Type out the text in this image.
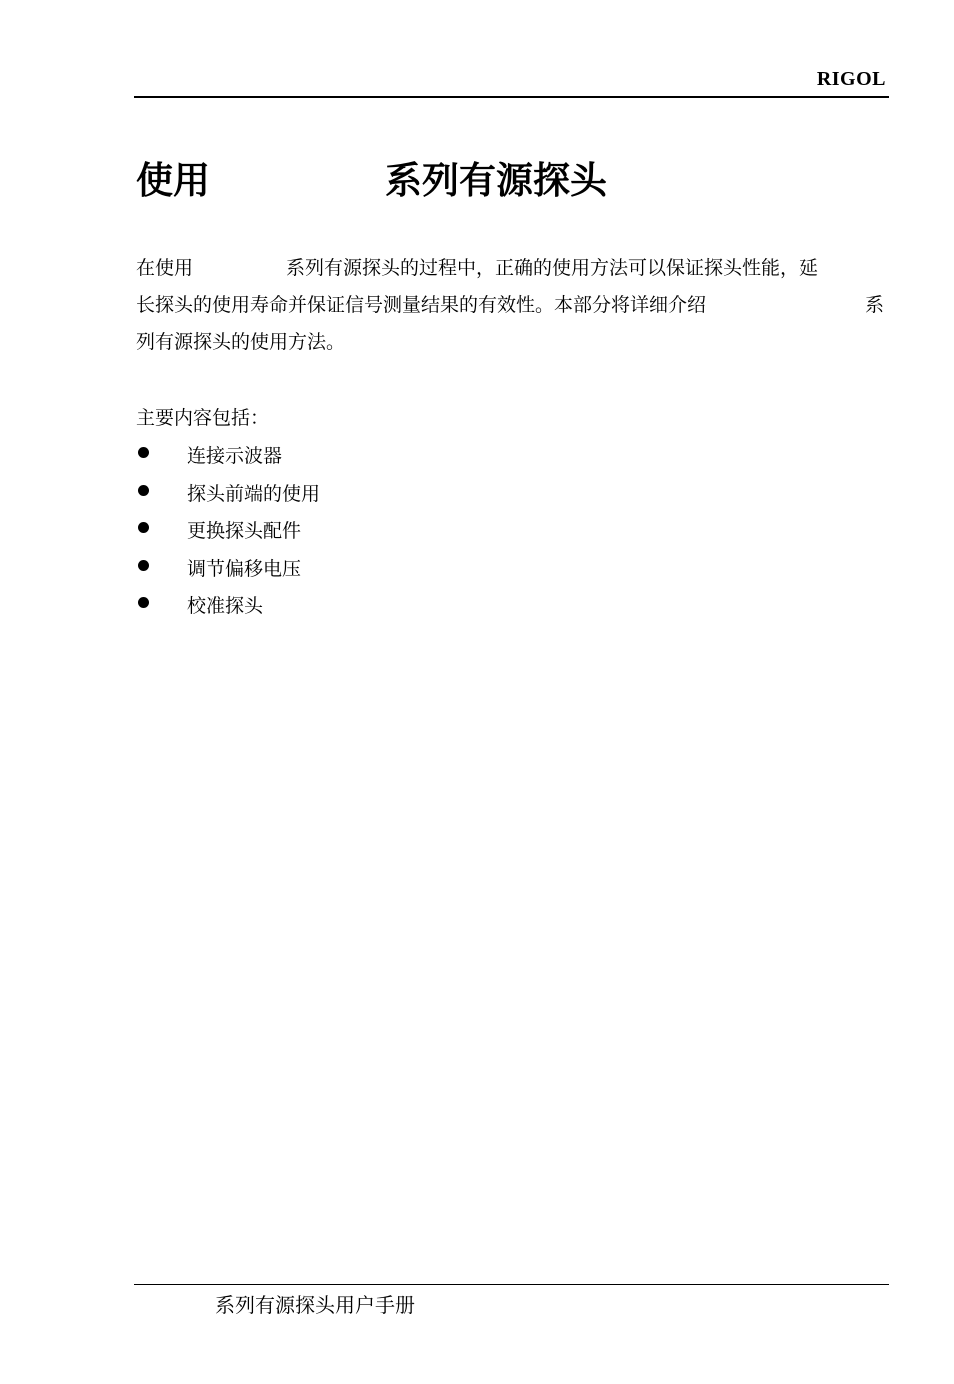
RIGOL
使用	系列有源探头
在使用	系列有源探头的过程中，正确的使用方法可以保证探头性能，延
长探头的使用寿命并保证信号测量结果的有效性。本部分将详细介绍	系
列有源探头的使用方法。
主要内容包括：
连接示波器
探头前端的使用
更换探头配件
调节偏移电压
校准探头
系列有源探头用户手册
